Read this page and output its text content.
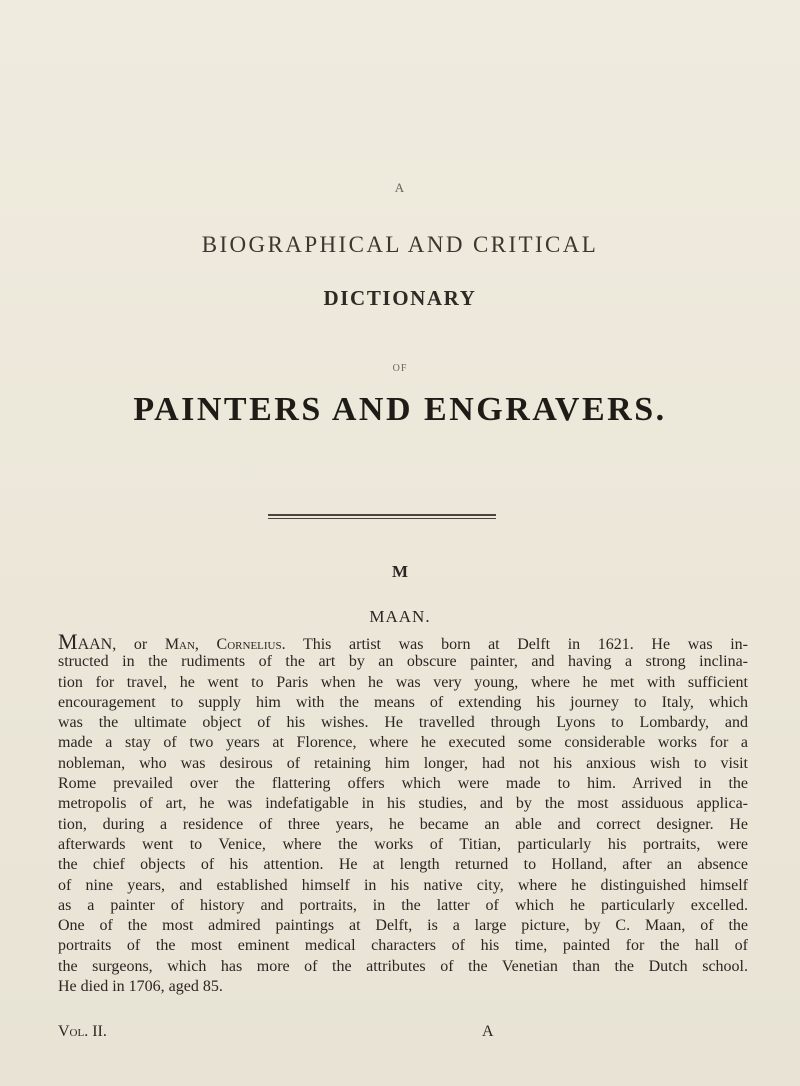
A
BIOGRAPHICAL AND CRITICAL
DICTIONARY
OF
PAINTERS AND ENGRAVERS.
M
MAAN.
MAAN, or Man, Cornelius. This artist was born at Delft in 1621. He was in-
structed in the rudiments of the art by an obscure painter, and having a strong inclina-
tion for travel, he went to Paris when he was very young, where he met with sufficient
encouragement to supply him with the means of extending his journey to Italy, which
was the ultimate object of his wishes. He travelled through Lyons to Lombardy, and
made a stay of two years at Florence, where he executed some considerable works for a
nobleman, who was desirous of retaining him longer, had not his anxious wish to visit
Rome prevailed over the flattering offers which were made to him. Arrived in the
metropolis of art, he was indefatigable in his studies, and by the most assiduous applica-
tion, during a residence of three years, he became an able and correct designer. He
afterwards went to Venice, where the works of Titian, particularly his portraits, were
the chief objects of his attention. He at length returned to Holland, after an absence
of nine years, and established himself in his native city, where he distinguished himself
as a painter of history and portraits, in the latter of which he particularly excelled.
One of the most admired paintings at Delft, is a large picture, by C. Maan, of the
portraits of the most eminent medical characters of his time, painted for the hall of
the surgeons, which has more of the attributes of the Venetian than the Dutch school.
He died in 1706, aged 85.
Vol. II.	A
